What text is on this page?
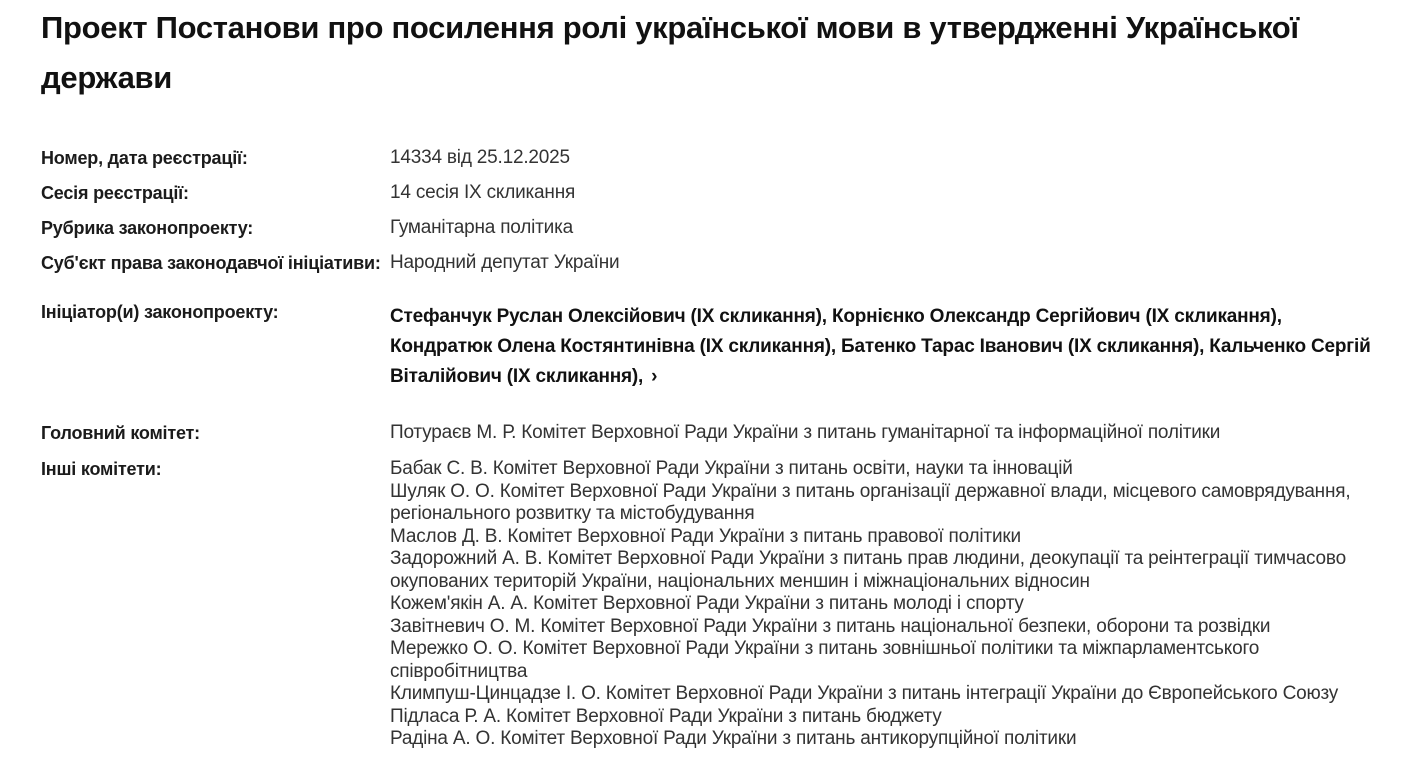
Проект Постанови про посилення ролі української мови в утвердженні Української держави
Номер, дата реєстрації:	14334 від 25.12.2025
Сесія реєстрації:	14 сесія IX скликання
Рубрика законопроекту:	Гуманітарна політика
Суб'єкт права законодавчої ініціативи: Народний депутат України
Ініціатор(и) законопроекту:	Стефанчук Руслан Олексійович (IX скликання), Корнієнко Олександр Сергійович (IX скликання), Кондратюк Олена Костянтинівна (IX скликання), Батенко Тарас Іванович (IX скликання), Кальченко Сергій Віталійович (IX скликання), ›
Головний комітет:	Потураєв М. Р. Комітет Верховної Ради України з питань гуманітарної та інформаційної політики
Інші комітети:	Бабак С. В. Комітет Верховної Ради України з питань освіти, науки та інновацій
Шуляк О. О. Комітет Верховної Ради України з питань організації державної влади, місцевого самоврядування, регіонального розвитку та містобудування
Маслов Д. В. Комітет Верховної Ради України з питань правової політики
Задорожний А. В. Комітет Верховної Ради України з питань прав людини, деокупації та реінтеграції тимчасово окупованих територій України, національних меншин і міжнаціональних відносин
Кожем'якін А. А. Комітет Верховної Ради України з питань молоді і спорту
Завітневич О. М. Комітет Верховної Ради України з питань національної безпеки, оборони та розвідки
Мережко О. О. Комітет Верховної Ради України з питань зовнішньої політики та міжпарламентського співробітництва
Климпуш-Цинцадзе І. О. Комітет Верховної Ради України з питань інтеграції України до Європейського Союзу
Підласа Р. А. Комітет Верховної Ради України з питань бюджету
Радіна А. О. Комітет Верховної Ради України з питань антикорупційної політики
